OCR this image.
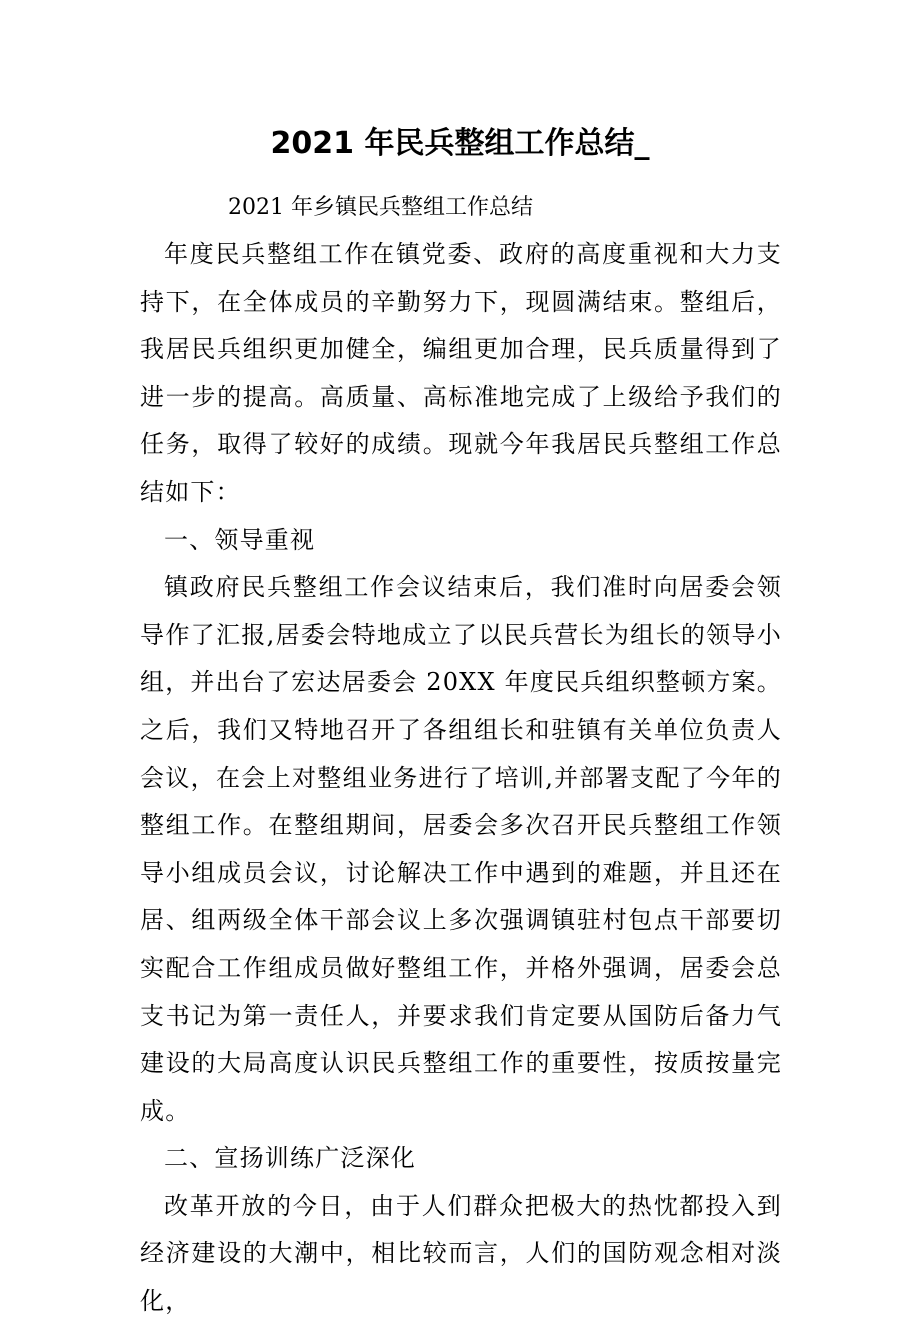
2021 年民兵整组工作总结_
2021 年乡镇民兵整组工作总结

年度民兵整组工作在镇党委、政府的高度重视和大力支持下，在全体成员的辛勤努力下，现圆满结束。整组后，我居民兵组织更加健全，编组更加合理，民兵质量得到了进一步的提高。高质量、高标准地完成了上级给予我们的任务，取得了较好的成绩。现就今年我居民兵整组工作总结如下：

一、领导重视

镇政府民兵整组工作会议结束后，我们准时向居委会领导作了汇报,居委会特地成立了以民兵营长为组长的领导小组，并出台了宏达居委会 20XX 年度民兵组织整顿方案。之后，我们又特地召开了各组组长和驻镇有关单位负责人会议，在会上对整组业务进行了培训,并部署支配了今年的整组工作。在整组期间，居委会多次召开民兵整组工作领导小组成员会议，讨论解决工作中遇到的难题，并且还在居、组两级全体干部会议上多次强调镇驻村包点干部要切实配合工作组成员做好整组工作，并格外强调，居委会总支书记为第一责任人，并要求我们肯定要从国防后备力气建设的大局高度认识民兵整组工作的重要性，按质按量完成。

二、宣扬训练广泛深化

改革开放的今日，由于人们群众把极大的热忱都投入到经济建设的大潮中，相比较而言，人们的国防观念相对淡化，
